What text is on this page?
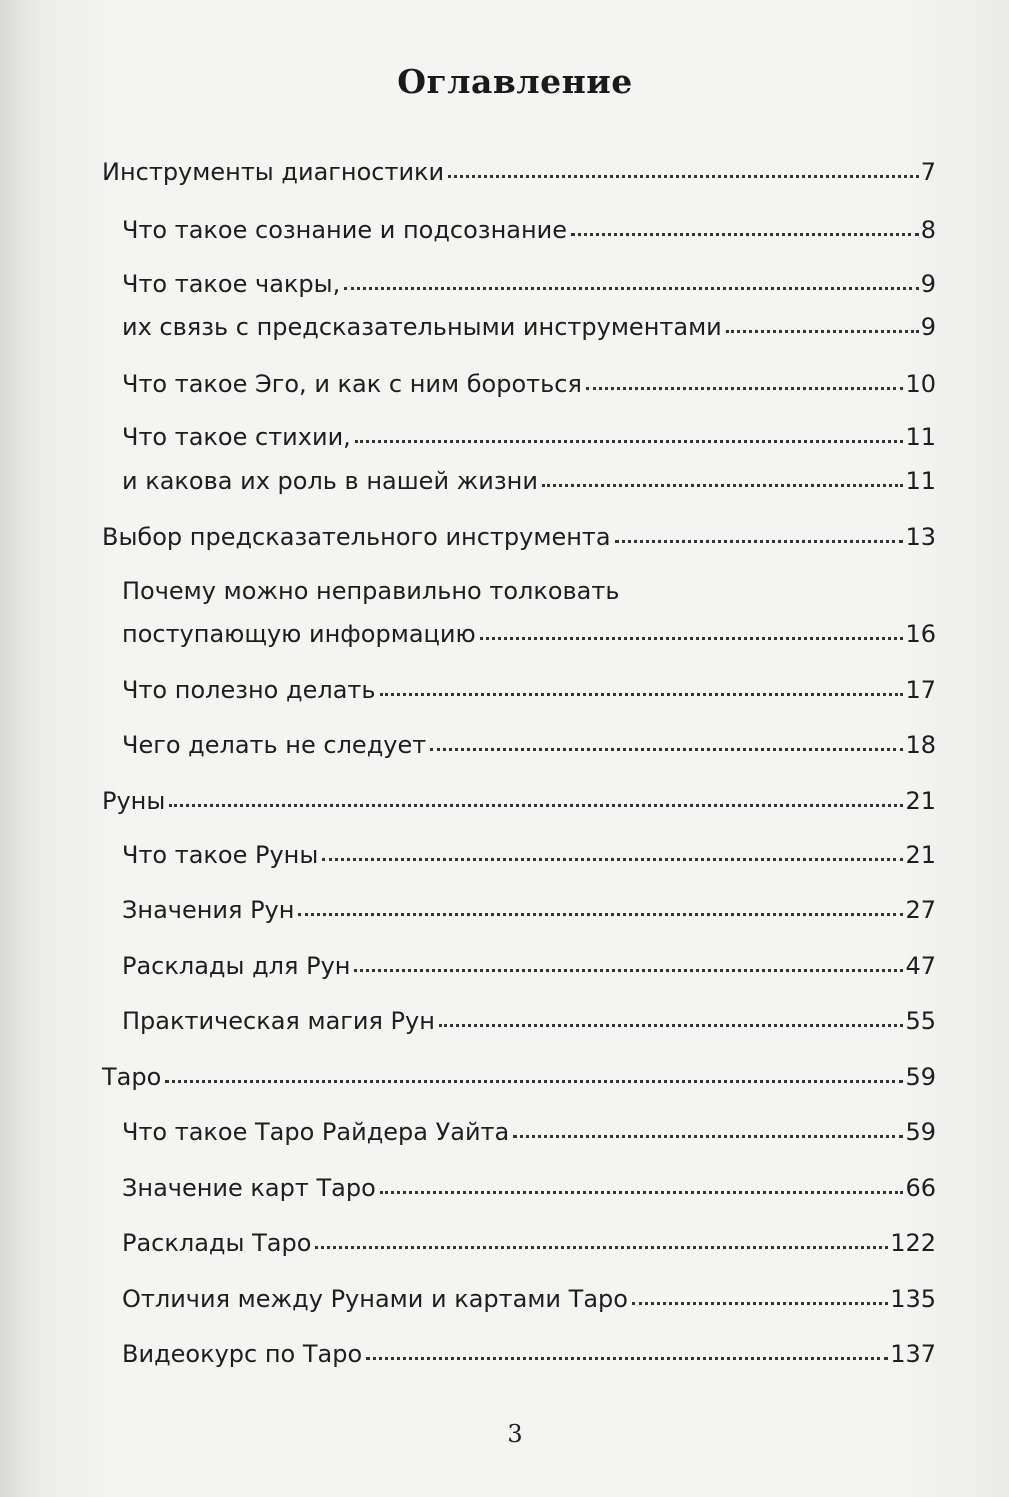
Оглавление
Инструменты диагностики	7
Что такое сознание и подсознание	8
Что такое чакры,	9
их связь с предсказательными инструментами	9
Что такое Эго, и как с ним бороться	10
Что такое стихии,	11
и какова их роль в нашей жизни	11
Выбор предсказательного инструмента	13
Почему можно неправильно толковать
поступающую информацию	16
Что полезно делать	17
Чего делать не следует	18
Руны	21
Что такое Руны	21
Значения Рун	27
Расклады для Рун	47
Практическая магия Рун	55
Таро	59
Что такое Таро Райдера Уайта	59
Значение карт Таро	66
Расклады Таро	122
Отличия между Рунами и картами Таро	135
Видеокурс по Таро	137
3
